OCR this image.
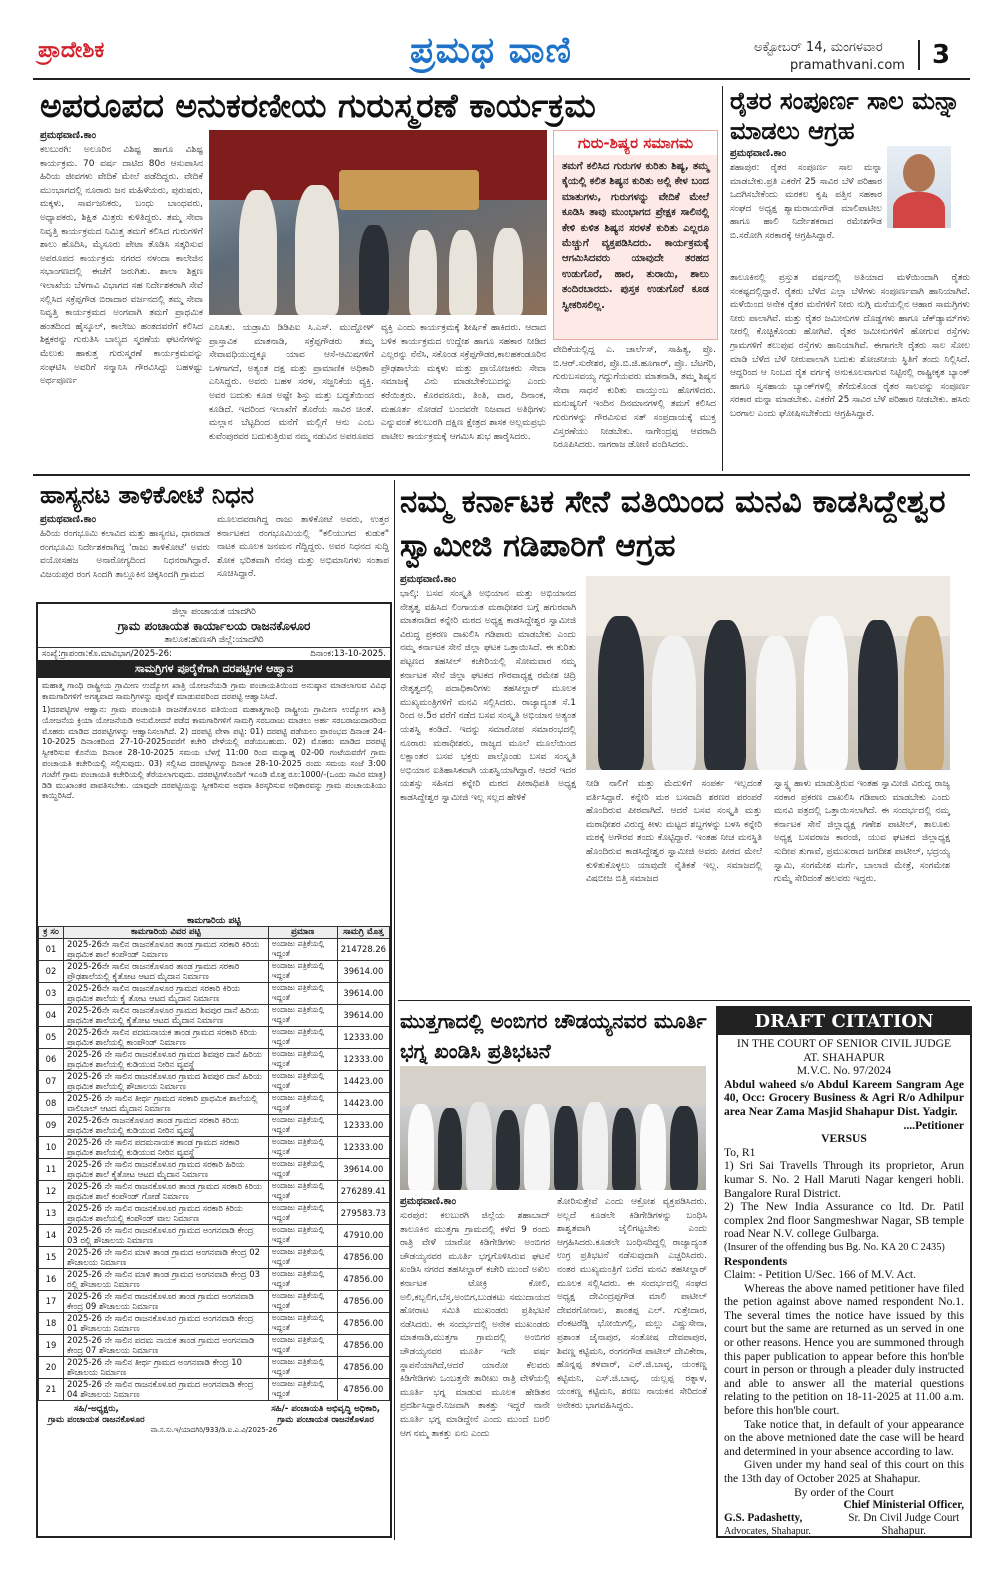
ಪ್ರಾದೇಶಿಕ	ಪ್ರಮಥ ವಾಣಿ	ಅಕ್ಟೋಬರ್ 14, ಮಂಗಳವಾರ
pramathvani.com 3
ಅಪರೂಪದ ಅನುಕರಣೀಯ ಗುರುಸ್ಮರಣೆ ಕಾರ್ಯಕ್ರಮ
ಪ್ರಮಥವಾಣಿ.ಕಾಂ
ಕಲಬುರಗಿ: ಅಲೂರಿನ ವಿಶಿಷ್ಟ ಹಾಗೂ ವಿಶಿಷ್ಟ ಕಾರ್ಯಕ್ರಮ. 70 ವರ್ಷ ದಾಟಿದ 80ರ ಆಸುಪಾಸಿನ ಹಿರಿಯ ಜೀವಗಳು ವೇದಿಕೆ ಮೇಲೆ ಪಡೆದಿದ್ದರು. ವೇದಿಕೆ ಮುಂಭಾಗದಲ್ಲಿ ನೂರಾರು ಜನ ಮಹಿಳೆಯರು, ಪುರುಷರು, ಮಕ್ಕಳು, ಸಾರ್ವಜನಿಕರು, ಬಂಧು ಬಾಂಧವರು, ಅಧ್ಯಾಪಕರು, ಶಿಕ್ಷಿತ ಮಿತ್ರರು ಕುಳಿತಿದ್ದರು. ತಮ್ಮ ಸೇವಾ ನಿವೃತ್ತಿ ಕಾರ್ಯಕ್ರಮದ ನಿಮಿತ್ತ ತಮಗೆ ಕಲಿಸಿದ ಗುರುಗಳಿಗೆ ಶಾಲು ಹೊದಿಸಿ, ಮೈಸೂರು ಪೇಟಾ ತೊಡಿಸಿ ಸತ್ಕರಿಸುವ ಅಪರೂಪದ ಕಾರ್ಯಕ್ರಮ ನಗರದ ನಳಂದಾ ಕಾಲೇಜಿನ ಸಭಾಂಗಣದಲ್ಲಿ ಈಚೆಗೆ ಜರುಗಿತು. ಶಾಲಾ ಶಿಕ್ಷಣ ಇಲಾಖೆಯ ಬೆಳಗಾವಿ ವಿಭಾಗದ ಸಹ ನಿರ್ದೇಶಕರಾಗಿ ಸೇವೆ ಸಲ್ಲಿಸಿದ ಸಕ್ರೆಪ್ಪಗೌಡ ಬಿರಾದಾರ ವರ್ಜನದಲ್ಲಿ ತಮ್ಮ ಸೇವಾ ನಿವೃತ್ತಿ ಕಾರ್ಯಕ್ರಮದ ಅಂಗವಾಗಿ ತಮಗೆ ಪ್ರಾಥಮಿಕ ಹಂತದಿಂದ ಹೈಸ್ಕೂಲ್, ಕಾಲೇಜು ಹಂತದವರೆಗೆ ಕಲಿಸಿದ ಶಿಕ್ಷಕರನ್ನು ಗುರುತಿಸಿ ಬಾಲ್ಯದ ಸ್ಮರಣೆಯ ಘಟನೆಗಳನ್ನು ಮೆಲುಕು ಹಾಕುತ್ತ ಗುರುಸ್ಮರಣೆ ಕಾರ್ಯಕ್ರಮವನ್ನು ಸಂಘಟಿಸಿ ಅವರಿಗೆ ಸನ್ಮಾನಿಸಿ ಗೌರವಿಸಿದ್ದು ಬಹಳಷ್ಟು ಅರ್ಥಪೂರ್ಣ
ಗುರು-ಶಿಷ್ಯರ ಸಮಾಗಮ
ತಮಗೆ ಕಲಿಸಿದ ಗುರುಗಳ ಕುರಿತು ಶಿಷ್ಯ, ತಮ್ಮ ಕೈಯಲ್ಲಿ ಕಲಿತ ಶಿಷ್ಯನ ಕುರಿತು ಅಲ್ಲಿ ಕೇಳ ಬಂದ ಮಾತುಗಳು, ಗುರುಗಳನ್ನು ವೇದಿಕೆ ಮೇಲೆ ಕೂಡಿಸಿ ತಾವು ಮುಂಭಾಗದ ಪ್ರೇಕ್ಷಕ ಸಾಲಿನಲ್ಲಿ ಕೇಳಿ ಕುಳಿತ ಶಿಷ್ಯನ ಸರಳತೆ ಕುರಿತು ಎಲ್ಲರೂ ಮೆಚ್ಚುಗೆ ವ್ಯಕ್ತಪಡಿಸಿದರು. ಕಾರ್ಯಕ್ರಮಕ್ಕೆ ಆಗಮಿಸಿದವರು ಯಾವುದೇ ತರಹದ ಉಡುಗೊರೆ, ಹಾರ, ತುರಾಯಿ, ಶಾಲು ತಂದಿರಬಾರದು. ಪುಸ್ತಕ ಉಡುಗೊರೆ ಕೂಡ ಸ್ವೀಕರಿಸಲಿಲ್ಲ.
ಎನಿಸಿತು. ಯಡ್ರಾಮಿ ಡಿಡಿಪಿಐ ಸಿ.ಎಸ್. ಮುದ್ದೋಳ್ ಪ್ರಾಸ್ತಾವಿಕ ಮಾತನಾಡಿ, ಸಕ್ರೆಪ್ಪಗೌಡರು ತಮ್ಮ ಸೇವಾವಧಿಯುದ್ದಕ್ಕೂ ಯಾವ ಆಸೆ-ಆಮಿಷಗಳಿಗೆ ಒಳಗಾಗದೆ, ಅತ್ಯಂತ ದಕ್ಷ ಮತ್ತು ಪ್ರಾಮಾಣಿಕ ಅಧಿಕಾರಿ ಎನಿಸಿದ್ದರು. ಅವರು ಬಹಳ ಸರಳ, ಸಜ್ಜನಿಕೆಯ ವ್ಯಕ್ತಿ. ಅವರ ಬದುಕು ಕೂಡ ಅಷ್ಟೇ ಶಿಸ್ತು ಮತ್ತು ಬದ್ಧತೆಯಿಂದ ಕೂಡಿದೆ. ಇದರಿಂದ ಇಲಾಖೆಗೆ ತೊರೆಯ ಸಾವಿರ ಚಿಂತೆ. ಮಲ್ಲಾನ ಬೆಟ್ಟದಿಂದ ಮನೆಗೆ ಮಲ್ಲಿಗೆ ಆನು ಎಂಬ ಕುವೆಂಪುರವರ ಬದುಕುತ್ತಿರುವ ನಮ್ಮ ನಡುವಿನ ಅಪರೂಪದ
ವ್ಯಕ್ತಿ ಎಂದು ಕಾರ್ಯಕ್ರಮಕ್ಕೆ ಶೀರ್ಷಿಕೆ ಹಾಕಿದರು. ಆದಾದ ಬಳಿಕ ಕಾರ್ಯಕ್ರಮದ ಉದ್ದೇಶ ಹಾಗೂ ಸಹಕಾರ ನೀಡಿದ ಎಲ್ಲರನ್ನು ನೆನೆಸಿ, ಸಕೊಂಡ ಸಕ್ರೆಪ್ಪಗೌಡರ,ಕಾಲಹಕಂಡೂರಿನ ಪ್ರೌಢಶಾಲೆಯ ಮಕ್ಕಳು ಮತ್ತು ಪ್ರಾಯೋಜಕರು ಸೇವಾ ಸಮಾಜಕ್ಕೆ ವಿನು ಮಾಡಬೇಕೆಂಬುದನ್ನು ಎಂದು ಕರೆಯಿತ್ತರು. ಕೊರವರೂರು, ತಿಂತಿ, ವಾರ, ದಿನಾಂಕ, ಮಹೂರ್ತ ನೋಡದೆ ಬಂದವರೇ ನಿಜವಾದ ಅತಿಥಿಗಳು ಎನ್ನುವಂತೆ ಕಲಬುರಗಿ ದಕ್ಷಿಣ ಕ್ಷೇತ್ರದ ಶಾಸಕ ಅಲ್ಲಮಪ್ರಭು ಪಾಟೀಲ ಕಾರ್ಯಕ್ರಮಕ್ಕೆ ಆಗಮಿಸಿ ಶುಭ ಹಾರೈಸಿದರು.
ವೇದಿಕೆಯಲ್ಲಿದ್ದ ಎ. ಚಾರ್ಲೆಸ್, ಸಾಹಿತ್ಯ, ಪ್ರೊ. ಬಿ.ಆರ್.ಸುರೇಶರ, ಪ್ರೊ.ಬಿ.ಜಿ.ಹೂಗಾರ್, ಪ್ರೊ. ಬೆಟಗೆರಿ, ಗುರುಬಸವಯ್ಯ ಗದ್ದುಗೆಯವರು ಮಾತನಾಡಿ, ತಮ್ಮ ಶಿಷ್ಯನ ಸೇವಾ ಸಾಧನೆ ಕುರಿತು ವಾಯ್ತುಂಬ ಹೊಗಳಿದರು. ಮನುಷ್ಯನಿಗೆ ಇಂದಿನ ದಿನಮಾನಗಳಲ್ಲಿ ತಮಗೆ ಕಲಿಸಿದ ಗುರುಗಳನ್ನು ಗೌರವಿಸುವ ಸತ್ ಸಂಪ್ರದಾಯಕ್ಕೆ ಮುಕ್ತ ವಿಸ್ತರಣೆಯು ನೀಡಬೇಕು. ನಾಗೇಂದ್ರಪ್ಪ ಆವರಾದಿ ನಿರೂಪಿಸಿದರು. ನಾಗರಾಜ ಡೋಣಿ ವಂದಿಸಿದರು.
ರೈತರ ಸಂಪೂರ್ಣ ಸಾಲ ಮನ್ನಾ ಮಾಡಲು ಆಗ್ರಹ
ಪ್ರಮಥವಾಣಿ.ಕಾಂ
ಶಹಾಪುರ: ರೈತರ ಸಂಪೂರ್ಣ ಸಾಲ ಮನ್ನಾ ಮಾಡಬೇಕು.ಪ್ರತಿ ಎಕರೆಗೆ 25 ಸಾವಿರ ಬೆಳೆ ಪರಿಹಾರ ಒದಗಿಸಬೇಕೆಂದು ಮರಕಲ ಕೃಷಿ ಪತ್ತಿನ ಸಹಕಾರ ಸಂಘದ ಅಧ್ಯಕ್ಷ ಶ್ಯಾಮರಾಯಗೌಡ ಮಾಲಿಪಾಟೀಲ ಹಾಗೂ ಹಾಲಿ ನಿರ್ದೇಶಕರಾದ ರಮೇಶಗೌಡ ಬಿ.ಸರೋಗಿ ಸರಕಾರಕ್ಕೆ ಆಗ್ರಹಿಸಿದ್ದಾರೆ.
ತಾಲೂಕಿನಲ್ಲಿ ಪ್ರಸ್ತುತ ವರ್ಷದಲ್ಲಿ ಅತಿಯಾದ ಮಳೆಯಿಂದಾಗಿ ರೈತರು ಸಂಕಷ್ಟದಲ್ಲಿದ್ದಾರೆ. ರೈತರು ಬೆಳೆದ ಎಲ್ಲಾ ಬೆಳೆಗಳು ಸಂಪೂರ್ಣವಾಗಿ ಹಾನಿಯಾಗಿವೆ. ಮಳೆಯಿಂದ ಅನೇಕ ರೈತರ ಮನೆಗಳಿಗೆ ನೀರು ನುಗ್ಗಿ ಮನೆಯಲ್ಲಿನ ಆಹಾರ ಸಾಮಗ್ರಿಗಳು ನೀರು ಪಾಲಾಗಿವೆ. ಮತ್ತು ರೈತರ ಜಮೀನುಗಳ ದೊಡ್ಡಗಳು ಹಾಗೂ ಚೆಕ್‌ಡ್ಯಾಮ್‌ಗಳು ನೀರಲ್ಲಿ ಕೊಚ್ಚಿಕೊಂಡು ಹೋಗಿವೆ. ರೈತರ ಜಮೀನುಗಳಿಗೆ ಹೋಗುವ ರಸ್ತೆಗಳು ಗ್ರಾಮಗಳಿಗೆ ತಲುಪುವ ರಸ್ತೆಗಳು ಹಾನಿಯಾಗಿವೆ. ಈಗಾಗಲೇ ರೈತರು ಸಾಲ ಸೋಲ ಮಾಡಿ ಬೆಳೆದ ಬೆಳೆ ನೀರುಪಾಲಾಗಿ ಬದುಕು ಶೋಚನೀಯ ಸ್ಥಿತಿಗೆ ತಂದು ನಿಲ್ಲಿಸಿದೆ. ಆದ್ದರಿಂದ ಆ ನಿಂಬದ ರೈತ ವರ್ಗಕ್ಕೆ ಅನುಕೂಲವಾಗುವ ನಿಟ್ಟಿನಲ್ಲಿ ರಾಷ್ಟ್ರೀಕೃತ ಬ್ಯಾಂಕ್ ಹಾಗೂ ಸ್ವಸಹಾಯ ಬ್ಯಾಂಕ್‌ಗಳಲ್ಲಿ ತೆಗೆದುಕೊಂಡ ರೈತರ ಸಾಲವನ್ನು ಸಂಪೂರ್ಣ ಸರಕಾರ ಮನ್ನಾ ಮಾಡಬೇಕು. ಎಕರೆಗೆ 25 ಸಾವಿರ ಬೆಳೆ ಪರಿಹಾರ ನೀಡಬೇಕು. ಹಸಿರು ಬರಗಾಲ ಎಂದು ಘೋಷಿಸಬೇಕೆಂದು ಆಗ್ರಹಿಸಿದ್ದಾರೆ.
ಹಾಸ್ಯನಟ ತಾಳಿಕೋಟೆ ನಿಧನ
ಪ್ರಮಥವಾಣಿ.ಕಾಂ
ಹಿರಿಯ ರಂಗಭೂಮಿ ಕಲಾವಿದ ಮತ್ತು ಹಾಸ್ಯನಟ, ಧಾರವಾಡ ರಂಗಭೂಮಿ ನಿರ್ದೇಶಕರಾಗಿದ್ದ 'ರಾಜು ತಾಳಿಕೋಟೆ' ಅವರು ವಯೋಸಹಜ ಅನಾರೋಗ್ಯದಿಂದ ನಿಧನರಾಗಿದ್ದಾರೆ. ವಿಜಯಪುರ ರಂಗ ಸಿಂದಗಿ ತಾಲ್ಲೂಕಿನ ಚಿಕ್ಕಸಿಂದಗಿ ಗ್ರಾಮದ
ಮೂಲದವರಾಗಿದ್ದ ರಾಜು ತಾಳಿಕೋಟೆ ಅವರು, ಉತ್ತರ ಕರ್ನಾಟಕದ ರಂಗಭೂಮಿಯಲ್ಲಿ "ಕಲಿಯುಗದ ಕುಡುಕ" ನಾಟಕ ಮೂಲಕ ಜನಮನ ಗೆದ್ದಿದ್ದರು. ಅವರ ನಿಧನದ ಸುದ್ದಿ ಶೋಕ ಭರಿತವಾಗಿ ನೆನಪು ಮತ್ತು ಅಭಿಮಾನಿಗಳು ಸಂತಾಪ ಸೂಚಿಸಿದ್ದಾರೆ.
ಜಿಲ್ಲಾ ಪಂಚಾಯತ ಯಾದಗಿರಿ
ಗ್ರಾಮ ಪಂಚಾಯತ ಕಾರ್ಯಾಲಯ ರಾಜನಕೊಳೂರ
ತಾಲೂಕ:ಹುಣಸಗಿ ಜಿಲ್ಲೆ:ಯಾದಗಿರಿ
ಸಂಖ್ಯೆ:ಗ್ರಾಪಂರಾ:ಕೊ.ಮಾವಿಭಾಗ/2025-26:	ದಿನಾಂಕ:13-10-2025.
ಸಾಮಗ್ರಿಗಳ ಪೂರೈಕೆಗಾಗಿ ದರಪಟ್ಟಿಗಳ ಆಹ್ವಾನ
ಮಹಾತ್ಮ ಗಾಂಧಿ ರಾಷ್ಟ್ರೀಯ ಗ್ರಾಮೀಣ ಉದ್ಯೋಗ ಖಾತ್ರಿ ಯೋಜನೆಯಡಿ ಗ್ರಾಮ ಪಂಚಾಯತಿಯಿಂದ ಅನುಷ್ಠಾನ ಮಾಡಲಾಗುವ ವಿವಿಧ ಕಾಮಗಾರಿಗಳಿಗೆ ಅಗತ್ಯವಾದ ಸಾಮಗ್ರಿಗಳನ್ನು ಪೂರೈಕೆ ಮಾಡುವವರಿಂದ ದರಪಟ್ಟಿ ಆಹ್ವಾನಿಸಿದೆ.
1)ದರಪಟ್ಟಿಗಳ ಆಹ್ವಾನ: ಗ್ರಾಮ ಪಂಚಾಯತಿ ರಾಜನಕೊಳೂರ ವತಿಯಿಂದ ಮಹಾತ್ಮಗಾಂಧಿ ರಾಷ್ಟ್ರೀಯ ಗ್ರಾಮೀಣ ಉದ್ಯೋಗ ಖಾತ್ರಿ ಯೋಜನೆಯ ಕ್ರಿಯಾ ಯೋಜನೆಯಡಿ ಅನುಮೋದನೆ ಪಡೆದ ಕಾಮಗಾರಿಗಳಿಗೆ ಸಾಮಗ್ರಿ ಸರಬರಾಜು ಮಾಡಲು ಅರ್ಹ ಸರಬರಾಜುದಾರರಿಂದ ಮೊಹರು ಮಾಡಿದ ದರಪಟ್ಟಿಗಳನ್ನು ಆಹ್ವಾನಿಸಲಾಗಿದೆ. 2) ದರಪಟ್ಟಿ ವೇಳಾ ಪಟ್ಟಿ: 01) ದರಪಟ್ಟಿ ಪಡೆಯಲು ಪ್ರಾರಂಭದ ದಿನಾಂಕ 24-10-2025 ದಿನಾಂಕದಿಂದ 27-10-2025ರವರೆಗೆ ಕಚೇರಿ ವೇಳೆಯಲ್ಲಿ ಪಡೆಯಬಹುದು. 02) ಮೊಹರು ಮಾಡಿದ ದರಪಟ್ಟಿ ಸ್ವೀಕರಿಸುವ ಕೊನೆಯ ದಿನಾಂಕ 28-10-2025 ಸಮಯ ಬೆಳಗ್ಗೆ 11:00 ರಿಂದ ಮಧ್ಯಾಹ್ನ 02-00 ಗಂಟೆಯವರೆಗೆ ಗ್ರಾಮ ಪಂಚಾಯತಿ ಕಚೇರಿಯಲ್ಲಿ ಸಲ್ಲಿಸುವುದು. 03) ಸಲ್ಲಿಸಿದ ದರಪಟ್ಟಿಗಳನ್ನು ದಿನಾಂಕ 28-10-2025 ರಂದು ಸಮಯ ಸಂಜೆ 3:00 ಗಂಟೆಗೆ ಗ್ರಾಮ ಪಂಚಾಯತಿ ಕಚೇರಿಯಲ್ಲಿ ತೆರೆಯಲಾಗುವುದು. ದರಪಟ್ಟಿಗಳೊಂದಿಗೆ ಇಎಂಡಿ ಮೊತ್ತ ರೂ:1000/-(ಒಂದು ಸಾವಿರ ಮಾತ್ರ) ಡಿಡಿ ಮುಖಾಂತರ ಪಾವತಿಸಬೇಕು. ಯಾವುದೇ ದರಪಟ್ಟಿಯನ್ನು ಸ್ವೀಕರಿಸುವ ಅಥವಾ ತಿರಸ್ಕರಿಸುವ ಅಧಿಕಾರವನ್ನು ಗ್ರಾಮ ಪಂಚಾಯತಿಯು ಕಾಯ್ದಿರಿಸಿದೆ.
ಕಾಮಗಾರಿಯ ಪಟ್ಟಿ
ಕ್ರ ಸಂ	ಕಾಮಗಾರಿಯ ವಿವರ ಪಟ್ಟಿ	ಪ್ರಮಾಣ	ಸಾಮಗ್ರಿ ಮೊತ್ತ
01	2025-26ನೇ ಸಾಲಿನ ರಾಜನಕೊಳೂರ ತಾಂಡ ಗ್ರಾಮದ ಸರಕಾರಿ ಕಿರಿಯ ಪ್ರಾಥಮಿಕ ಶಾಲೆ ಕಂಪೌಂಡ್ ನಿರ್ಮಾಣ	ಅಂದಾಜು ಪತ್ರಿಕೆಯಲ್ಲಿ ಇದ್ದಂತೆ	214728.26
02	2025-26ನೇ ಸಾಲಿನ ರಾಜನಕೊಳೂರ ತಾಂಡ ಗ್ರಾಮದ ಸರಕಾರಿ ಪ್ರೌಢಶಾಲೆಯಲ್ಲಿ ಕೈತೋಟ ಆಟದ ಮೈದಾನ ನಿರ್ಮಾಣ	ಅಂದಾಜು ಪತ್ರಿಕೆಯಲ್ಲಿ ಇದ್ದಂತೆ	39614.00
03	2025-26ನೇ ಸಾಲಿನ ರಾಜನಕೊಳೂರ ಗ್ರಾಮದ ಸರಕಾರಿ ಕಿರಿಯ ಪ್ರಾಥಮಿಕ ಶಾಲೆಯ ಕೈ ತೋಟ ಆಟದ ಮೈದಾನ ನಿರ್ಮಾಣ	ಅಂದಾಜು ಪತ್ರಿಕೆಯಲ್ಲಿ ಇದ್ದಂತೆ	39614.00
04	2025-26ನೇ ಸಾಲಿನ ರಾಜನಕೊಳೂರ ಗ್ರಾಮದ ಶಿವಪುರ ದಾನೆ ಹಿರಿಯ ಪ್ರಾಥಮಿಕ ಶಾಲೆಯಲ್ಲಿ ಕೈತೋಟ ಆಟದ ಮೈದಾನ ನಿರ್ಮಾಣ	ಅಂದಾಜು ಪತ್ರಿಕೆಯಲ್ಲಿ ಇದ್ದಂತೆ	39614.00
05	2025-26ನೇ ಸಾಲಿನ ಪದಮನಾಯಕ ತಾಂಡ ಗ್ರಾಮದ ಸರಕಾರಿ ಕಿರಿಯ ಪ್ರಾಥಮಿಕ ಶಾಲೆಯಲ್ಲಿ ಕಾಂಪೌಂಡ್ ನಿರ್ಮಾಣ	ಅಂದಾಜು ಪತ್ರಿಕೆಯಲ್ಲಿ ಇದ್ದಂತೆ	12333.00
06	2025-26 ನೇ ಸಾಲಿನ ರಾಜನಕೊಳೂರ ಗ್ರಾಮದ ಶಿವಪುರ ದಾನೆ ಹಿರಿಯ ಪ್ರಾಥಮಿಕ ಶಾಲೆಯಲ್ಲಿ ಕುಡಿಯುವ ನೀರಿನ ವ್ಯವಸ್ಥೆ	ಅಂದಾಜು ಪತ್ರಿಕೆಯಲ್ಲಿ ಇದ್ದಂತೆ	12333.00
07	2025-26 ನೇ ಸಾಲಿನ ರಾಜನಕೊಳೂರ ಗ್ರಾಮದ ಶಿವಪುರ ದಾನೆ ಹಿರಿಯ ಪ್ರಾಥಮಿಕ ಶಾಲೆಯಲ್ಲಿ ಶೌಚಾಲಯ ನಿರ್ಮಾಣ	ಅಂದಾಜು ಪತ್ರಿಕೆಯಲ್ಲಿ ಇದ್ದಂತೆ	14423.00
08	2025-26 ನೇ ಸಾಲಿನ ತೀರ್ಥ ಗ್ರಾಮದ ಸರಕಾರಿ ಪ್ರಾಥಮಿಕ ಶಾಲೆಯಲ್ಲಿ ವಾಲಿಬಾಲ್ ಆಟದ ಮೈದಾನ ನಿರ್ಮಾಣ	ಅಂದಾಜು ಪತ್ರಿಕೆಯಲ್ಲಿ ಇದ್ದಂತೆ	14423.00
09	2025-26ನೇ ರಾಜನಕೊಳೂರ ತಾಂಡ ಗ್ರಾಮದ ಸರಕಾರಿ ಕಿರಿಯ ಪ್ರಾಥಮಿಕ ಶಾಲೆಯಲ್ಲಿ ಕುಡಿಯುವ ನೀರಿನ ವ್ಯವಸ್ಥೆ	ಅಂದಾಜು ಪತ್ರಿಕೆಯಲ್ಲಿ ಇದ್ದಂತೆ	12333.00
10	2025-26 ನೇ ಸಾಲಿನ ಪದಮನಾಯಕ ತಾಂಡ ಗ್ರಾಮದ ಸರಕಾರಿ ಪ್ರಾಥಮಿಕ ಶಾಲೆಯಲ್ಲಿ ಕುಡಿಯುವ ನೀರಿನ ವ್ಯವಸ್ಥೆ	ಅಂದಾಜು ಪತ್ರಿಕೆಯಲ್ಲಿ ಇದ್ದಂತೆ	12333.00
11	2025-26 ನೇ ಸಾಲಿನ ರಾಜನಕೊಳೂರ ಗ್ರಾಮದ ಸರಕಾರಿ ಹಿರಿಯ ಪ್ರಾಥಮಿಕ ಶಾಲೆ ಕೈತೋಟ ಆಟದ ಮೈದಾನ ನಿರ್ಮಾಣ	ಅಂದಾಜು ಪತ್ರಿಕೆಯಲ್ಲಿ ಇದ್ದಂತೆ	39614.00
12	2025-26 ನೇ ಸಾಲಿನ ರಾಜನಕೊಳೂರ ತಾಂಡ ಗ್ರಾಮದ ಸರಕಾರಿ ಕಿರಿಯ ಪ್ರಾಥಮಿಕ ಶಾಲೆ ಕಂಪೌಂಡ್ ಗೋಡೆ ನಿರ್ಮಾಣ	ಅಂದಾಜು ಪತ್ರಿಕೆಯಲ್ಲಿ ಇದ್ದಂತೆ	276289.41
13	2025-26 ನೇ ಸಾಲಿನ ರಾಜನಕೊಳೂರ ಗ್ರಾಮದ ಸರಕಾರಿ ಕಿರಿಯ ಪ್ರಾಥಮಿಕ ಶಾಲೆಯಲ್ಲಿ ಕಂಪೌಂಡ್ ವಾಲ ನಿರ್ಮಾಣ	ಅಂದಾಜು ಪತ್ರಿಕೆಯಲ್ಲಿ ಇದ್ದಂತೆ	279583.73
14	2025-26 ನೇ ಸಾಲಿನ ರಾಜನಕೊಳೂರ ಗ್ರಾಮದ ಅಂಗನವಾಡಿ ಕೇಂದ್ರ 03 ರಲ್ಲಿ ಶೌಚಾಲಯ ನಿರ್ಮಾಣ	ಅಂದಾಜು ಪತ್ರಿಕೆಯಲ್ಲಿ ಇದ್ದಂತೆ	47910.00
15	2025-26 ನೇ ಸಾಲಿನ ಮಾಳಿ ತಾಂಡ ಗ್ರಾಮದ ಅಂಗನವಾಡಿ ಕೇಂದ್ರ 02 ಶೌಚಾಲಯ ನಿರ್ಮಾಣ	ಅಂದಾಜು ಪತ್ರಿಕೆಯಲ್ಲಿ ಇದ್ದಂತೆ	47856.00
16	2025-26 ನೇ ಸಾಲಿನ ಮಾಳಿ ತಾಂಡ ಗ್ರಾಮದ ಅಂಗನವಾಡಿ ಕೇಂದ್ರ 03 ರಲ್ಲಿ ಶೌಚಾಲಯ ನಿರ್ಮಾಣ	ಅಂದಾಜು ಪತ್ರಿಕೆಯಲ್ಲಿ ಇದ್ದಂತೆ	47856.00
17	2025-26 ನೇ ಸಾಲಿನ ರಾಜನಕೊಳೂರ ತಾಂಡ ಗ್ರಾಮದ ಅಂಗನವಾಡಿ ಕೇಂದ್ರ 09 ಶೌಚಾಲಯ ನಿರ್ಮಾಣ	ಅಂದಾಜು ಪತ್ರಿಕೆಯಲ್ಲಿ ಇದ್ದಂತೆ	47856.00
18	2025-26 ನೇ ಸಾಲಿನ ರಾಜನಕೊಳೂರ ಗ್ರಾಮದ ಅಂಗನವಾಡಿ ಕೇಂದ್ರ 01 ಶೌಚಾಲಯ ನಿರ್ಮಾಣ	ಅಂದಾಜು ಪತ್ರಿಕೆಯಲ್ಲಿ ಇದ್ದಂತೆ	47856.00
19	2025-26 ನೇ ಸಾಲಿನ ಪದಮ ನಾಯಕ ತಾಂಡ ಗ್ರಾಮದ ಅಂಗನವಾಡಿ ಕೇಂದ್ರ 07 ಶೌಚಾಲಯ ನಿರ್ಮಾಣ	ಅಂದಾಜು ಪತ್ರಿಕೆಯಲ್ಲಿ ಇದ್ದಂತೆ	47856.00
20	2025-26 ನೇ ಸಾಲಿನ ತೀರ್ಥ ಗ್ರಾಮದ ಅಂಗನವಾಡಿ ಕೇಂದ್ರ 10 ಶೌಚಾಲಯ ನಿರ್ಮಾಣ	ಅಂದಾಜು ಪತ್ರಿಕೆಯಲ್ಲಿ ಇದ್ದಂತೆ	47856.00
21	2025-26 ನೇ ಸಾಲಿನ ರಾಜನಕೊಳೂರ ಗ್ರಾಮದ ಅಂಗನವಾಡಿ ಕೇಂದ್ರ 04 ಶೌಚಾಲಯ ನಿರ್ಮಾಣ	ಅಂದಾಜು ಪತ್ರಿಕೆಯಲ್ಲಿ ಇದ್ದಂತೆ	47856.00
ಸಹಿ/-ಅಧ್ಯಕ್ಷರು,
ಗ್ರಾಮ ಪಂಚಾಯತ ರಾಜನಕೊಳೂರ
ಸಹಿ/- ಪಂಚಾಯತಿ ಅಭಿವೃದ್ಧಿ ಅಧಿಕಾರಿ,
ಗ್ರಾಮ ಪಂಚಾಯತ ರಾಜನಕೊಳೂರ
ವಾ.ಸ.ಸು.ಇ/ಯಾದಗಿರಿ/933/ಡಿ.ಐ.ಎ.ವಿ/2025-26
ನಮ್ಮ ಕರ್ನಾಟಕ ಸೇನೆ ವತಿಯಿಂದ ಮನವಿ ಕಾಡಸಿದ್ದೇಶ್ವರ ಸ್ವಾಮೀಜಿ ಗಡಿಪಾರಿಗೆ ಆಗ್ರಹ
ಪ್ರಮಥವಾಣಿ.ಕಾಂ
ಭಾಲ್ಕಿ: ಬಸವ ಸಂಸ್ಕೃತಿ ಅಭಿಯಾನ ಮತ್ತು ಅಭಿಯಾನದ ನೇತೃತ್ವ ವಹಿಸಿದ ಲಿಂಗಾಯತ ಮಠಾಧೀಶರ ಬಗ್ಗೆ ಹಗುರವಾಗಿ ಮಾತನಾಡಿದ ಕನ್ನೇರಿ ಮಠದ ಅಧ್ಯಕ್ಷ ಕಾಡಸಿದ್ದೇಶ್ವರ ಸ್ವಾಮೀಜಿ ವಿರುದ್ಧ ಪ್ರಕರಣ ದಾಖಲಿಸಿ ಗಡಿಪಾರು ಮಾಡಬೇಕು ಎಂದು ನಮ್ಮ ಕರ್ನಾಟಕ ಸೇನೆ ಜಿಲ್ಲಾ ಘಟಕ ಒತ್ತಾಯಿಸಿದೆ. ಈ ಕುರಿತು ಪಟ್ಟಣದ ತಹಸೀಲ್ ಕಚೇರಿಯಲ್ಲಿ ಸೋಮವಾರ ನಮ್ಮ ಕರ್ನಾಟಕ ಸೇನೆ ಜಿಲ್ಲಾ ಘಟಕದ ಗೌರವಾಧ್ಯಕ್ಷ ರಮೇಶ ಚಿದ್ರಿ ನೇತೃತ್ವದಲ್ಲಿ ಪದಾಧಿಕಾರಿಗಳು ತಹಸೀಲ್ದಾರ್ ಮೂಲಕ ಮುಖ್ಯಮಂತ್ರಿಗಳಿಗೆ ಮನವಿ ಸಲ್ಲಿಸಿದರು. ರಾಜ್ಯಾದ್ಯಂತ ಸೆ.1 ರಿಂದ ಅ.5ರ ವರೆಗೆ ನಡೆದ ಬಸವ ಸಂಸ್ಕೃತಿ ಅಭಿಯಾನ ಅತ್ಯಂತ ಯಶಸ್ವಿ ಕಂಡಿದೆ. ಇದನ್ನು ಸಮಾರೋಪ ಸಮಾರಂಭದಲ್ಲಿ ನೂರಾರು ಮಠಾಧೀಶರು, ರಾಜ್ಯದ ಮೂಲೆ ಮೂಲೆಯಿಂದ ಲಕ್ಷಾಂತರ ಬಸವ ಭಕ್ತರು ಪಾಲ್ಗೊಂಡು ಬಸವ ಸಂಸ್ಕೃತಿ ಅಭಿಯಾನ ಐತಿಹಾಸಿಕವಾಗಿ ಯಶಸ್ವಿಯಾಗಿದ್ದಾರೆ. ಆದರೆ ಇದರ ಯಶಸ್ಸು ಸಹಿಸದ ಕನ್ನೇರಿ ಮಠದ ಪೀಠಾಧಿಪತಿ ಅಧ್ಯಕ್ಷ ಕಾಡಸಿದ್ದೇಶ್ವರ ಸ್ವಾಮೀಜಿ ಇಲ್ಲ ಸಲ್ಲದ ಹೇಳಿಕೆ
ನೀಡಿ ನಾಲಿಗೆ ಮತ್ತು ಮೆದುಳಿಗೆ ಸಂಪರ್ಕ ಇಲ್ಲದಂತೆ ವರ್ತಿಸಿದ್ದಾರೆ. ಕನ್ನೇರಿ ಮಠ ಬಸವಾದಿ ಶರಣರ ಪರಂಪರೆ ಹೊಂದಿರುವ ಪೀಠವಾಗಿದೆ. ಆದರೆ ಬಸವ ಸಂಸ್ಕೃತಿ ಮತ್ತು ಮಠಾಧೀಶರ ವಿರುದ್ಧ ಕೀಳು ಮಟ್ಟದ ಶಬ್ದಗಳನ್ನು ಬಳಸಿ ಕನ್ನೇರಿ ಮಠಕ್ಕೆ ಅಗೌರವ ತಂದು ಕೊಟ್ಟಿದ್ದಾರೆ. ಇಂತಹ ನೀಚ ಮನಸ್ಥಿತಿ ಹೊಂದಿರುವ ಕಾಡಸಿದ್ದೇಶ್ವರ ಸ್ವಾಮೀಜಿ ಅವರು ಪೀಠದ ಮೇಲೆ ಕುಳಿತುಕೊಳ್ಳಲು ಯಾವುದೇ ನೈತಿಕತೆ ಇಲ್ಲ. ಸಮಾಜದಲ್ಲಿ ವಿಷಬೀಜ ಬಿತ್ತಿ ಸಮಾಜದ
ಸ್ವಾಸ್ಥ್ಯ ಹಾಳು ಮಾಡುತ್ತಿರುವ ಇಂತಹ ಸ್ವಾಮೀಜಿ ವಿರುದ್ಧ ರಾಜ್ಯ ಸರಕಾರ ಪ್ರಕರಣ ದಾಖಲಿಸಿ ಗಡಿಪಾರು ಮಾಡಬೇಕು ಎಂದು ಮನವಿ ಪತ್ರದಲ್ಲಿ ಒತ್ತಾಯಿಸಲಾಗಿದೆ. ಈ ಸಂದರ್ಭದಲ್ಲಿ ನಮ್ಮ ಕರ್ನಾಟಕ ಸೇನೆ ಜಿಲ್ಲಾಧ್ಯಕ್ಷ ಗಣೇಶ ಪಾಟೀಲ್, ತಾಲೂಕು ಅಧ್ಯಕ್ಷ ಬಸವರಾಜ ಕಾರಂಜಿ, ಯುವ ಘಟಕದ ಜಿಲ್ಲಾಧ್ಯಕ್ಷ ಸುದೀಪ ತುಗಾವೆ, ಪ್ರಮುಖರಾದ ಜಗದೀಶ ಪಾಟೀಲ್, ಭದ್ರಯ್ಯ ಸ್ವಾಮಿ, ಸಂಗಮೇಶ ಮರ್ಗೆ, ಬಾಲಾಜಿ ಮೇತ್ರೆ, ಸಂಗಮೇಶ ಗುಮ್ಮೆ ಸೇರಿದಂತೆ ಹಲವರು ಇದ್ದರು.
ಮುತ್ತಗಾದಲ್ಲಿ ಅಂಬಿಗರ ಚೌಡಯ್ಯನವರ ಮೂರ್ತಿ ಭಗ್ನ ಖಂಡಿಸಿ ಪ್ರತಿಭಟನೆ
ಪ್ರಮಥವಾಣಿ.ಕಾಂ
ಸುರಪುರ: ಕಲಬುರಗಿ ಜಿಲ್ಲೆಯ ಶಹಾಬಾದ್ ತಾಲೂಕಿನ ಮುತ್ತಗಾ ಗ್ರಾಮದಲ್ಲಿ ಕಳೆದ 9 ರಂದು ರಾತ್ರಿ ವೇಳೆ ಯಾರೋ ಕಿಡಿಗೇಡಿಗಳು ಅಂಬಿಗರ ಚೌಡಯ್ಯನವರ ಮೂರ್ತಿ ಭಗ್ನಗೊಳಿಸಿರುವ ಘಟನೆ ಖಂಡಿಸಿ ನಗರದ ತಹಸೀಲ್ದಾರ್ ಕಚೇರಿ ಮುಂದೆ ಅಖಿಲ ಕರ್ನಾಟಕ ಟೋಕ್ರಿ ಕೋಲಿ, ಅಲಿ,ಕಬ್ಬಲಿಗ,ಬೆಸ್ತ,ಅಂಬಿಗ,ಬುಡಕಟು ಸಮುದಾಯದ ಹೋರಾಟ ಸಮಿತಿ ಮುಖಂಡರು ಪ್ರತಿಭಟನೆ ನಡೆಸಿದರು. ಈ ಸಂದರ್ಭದಲ್ಲಿ ಅನೇಕ ಮುಖಂಡರು ಮಾತನಾಡಿ,ಮುತ್ತಗಾ ಗ್ರಾಮದಲ್ಲಿ ಅಂಬಿಗರ ಚೌಡಯ್ಯನವರ ಮೂರ್ತಿ ಇದೇ ವರ್ಷ ಸ್ಥಾಪನೆಯಾಗಿದೆ,ಆದರೆ ಯಾರೋ ಕೆಲವರು ಕಿಡಿಗೇಡಿಗಳು ಒಂಬತ್ತನೇ ತಾರೀಖು ರಾತ್ರಿ ವೇಳೆಯಲ್ಲಿ ಮೂರ್ತಿ ಭಗ್ನ ಮಾಡುವ ಮೂಲಕ ಹೇಡಿತನ ಪ್ರದರ್ಶಿಸಿದ್ದಾರೆ.ನಿಜವಾಗಿ ತಾಕತ್ತು ಇದ್ದರೆ ನಾನೇ ಮೂರ್ತಿ ಭಗ್ನ ಮಾಡಿದ್ದೇನೆ ಎಂದು ಮುಂದೆ ಬರಲಿ ಆಗ ನಮ್ಮ ತಾಕತ್ತು ಏನು ಎಂದು
ತೋರಿಸುತ್ತೇವೆ ಎಂದು ಆಕ್ರೋಶ ವ್ಯಕ್ತಪಡಿಸಿದರು. ಅಲ್ಲದೆ ಕೂಡಲೇ ಕಿಡಿಗೇಡಿಗಳನ್ನು ಬಂಧಿಸಿ ಶಾಶ್ವತವಾಗಿ ಜೈಲಿಗಟ್ಟಬೇಕು ಎಂದು ಆಗ್ರಹಿಸಿದರು.ಕೂಡಲೇ ಬಂಧಿಸದಿದ್ದಲ್ಲಿ ರಾಜ್ಯಾದ್ಯಂತ ಉಗ್ರ ಪ್ರತಿಭಟನೆ ನಡೆಸುವುದಾಗಿ ಎಚ್ಚರಿಸಿದರು. ನಂತರ ಮುಖ್ಯಮಂತ್ರಿಗೆ ಬರೆದ ಮನವಿ ತಹಸೀಲ್ದಾರ್ ಮೂಲಕ ಸಲ್ಲಿಸಿದರು. ಈ ಸಂದರ್ಭದಲ್ಲಿ ಸಂಘದ ಅಧ್ಯಕ್ಷ ದೇವಿಂದ್ರಪ್ಪಗೌಡ ಮಾಲಿ ಪಾಟೀಲ್ ದೇವರಗೋನಾಲ, ಶಾಂತಪ್ಪ ಎಲ್. ಗುತ್ತೇದಾರ, ವೆಂಕಟರೆಡ್ಡಿ ಭೋಯಿಗಲ್ಲಿ, ಮಲ್ಲು ವಿಷ್ಣುಸೇನಾ, ಪ್ರಶಾಂತ ಜೈನಾಪುರ, ಸಂತೋಷ ದೇವಪಾಪುರ, ಶಿವಣ್ಣ ಕಟ್ಟಿಮನಿ, ರಂಗನಗೌಡ ಪಾಟೀಲ್ ದೇವಿಕೇರಾ, ಹೊನ್ನಪ್ಪ ತಳವಾರ್, ಎನ್.ಜಿ.ಬಾವ್ಳ, ಯಂಕಣ್ಣ ಕಟ್ಟಿಮನಿ, ಎಸ್.ಜಿ.ಬಾವ್ಳ, ಯಲ್ಲಪ್ಪ ರತ್ನಾಳ, ಯಂಕಣ್ಣ ಕಟ್ಟಿಮನಿ, ಶರಣು ನಾಯಕನ ಸೇರಿದಂತೆ ಅನೇಕರು ಭಾಗವಹಿಸಿದ್ದರು.
DRAFT CITATION
IN THE COURT OF SENIOR CIVIL JUDGE
AT. SHAHAPUR
M.V.C. No. 97/2024
Abdul waheed s/o Abdul Kareem Sangram Age 40, Occ: Grocery Business & Agri R/o Adhilpur area Near Zama Masjid Shahapur Dist. Yadgir.
....Petitioner
VERSUS
To, R1
1) Sri Sai Travells Through its proprietor, Arun kumar S. No. 2 Hall Maruti Nagar kengeri hobli. Bangalore Rural District.
2) The New India Assurance co ltd. Dr. Patil complex 2nd floor Sangmeshwar Nagar, SB temple road Near N.V. college Gulbarga.
(Insurer of the offending bus Bg. No. KA 20 C 2435)
Respondents
Claim: - Petition U/Sec. 166 of M.V. Act.
Whereas the above named petitioner have filed the petion against above named respondent No.1. The several times the notice have issued by this court but the same are returned as un served in one or other reasons. Hence you are summoned through this paper publication to appear before this hon'ble court in person or through a pleader duly instructed and able to answer all the material questions relating to the petition on 18-11-2025 at 11.00 a.m. before this hon'ble court.
Take notice that, in default of your appearance on the above metnioned date the case will be heard and determined in your absence according to law.
Given under my hand seal of this court on this the 13th day of October 2025 at Shahapur.
By order of the Court
G.S. Padashetty,
Advocates, Shahapur.
Chief Ministerial Officer,
Sr. Dn Civil Judge Court
Shahapur.
